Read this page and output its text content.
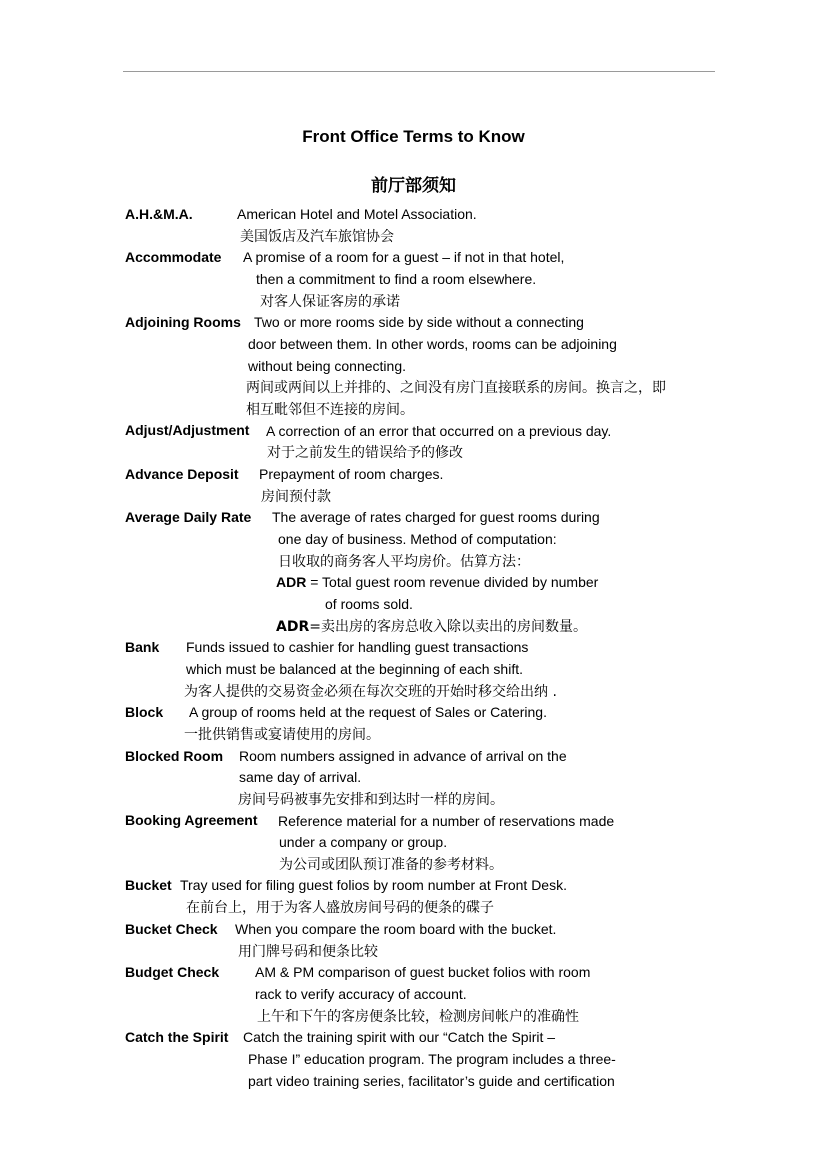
Front Office Terms to Know
前厅部须知
A.H.&M.A.	American Hotel and Motel Association.
美国饭店及汽车旅馆协会
Accommodate A promise of a room for a guest – if not in that hotel,
then a commitment to find a room elsewhere.
对客人保证客房的承诺
Adjoining Rooms Two or more rooms side by side without a connecting
door between them. In other words, rooms can be adjoining
without being connecting.
两间或两间以上并排的、之间没有房门直接联系的房间。换言之，即
相互毗邻但不连接的房间。
Adjust/Adjustment A correction of an error that occurred on a previous day.
对于之前发生的错误给予的修改
Advance Deposit Prepayment of room charges.
房间预付款
Average Daily Rate The average of rates charged for guest rooms during
one day of business. Method of computation:
日收取的商务客人平均房价。估算方法：
ADR = Total guest room revenue divided by number
of rooms sold.
ADR=卖出房的客房总收入除以卖出的房间数量。
Bank Funds issued to cashier for handling guest transactions
which must be balanced at the beginning of each shift.
为客人提供的交易资金必须在每次交班的开始时移交给出纳 .
Block A group of rooms held at the request of Sales or Catering.
一批供销售或宴请使用的房间。
Blocked Room Room numbers assigned in advance of arrival on the
same day of arrival.
房间号码被事先安排和到达时一样的房间。
Booking Agreement Reference material for a number of reservations made
under a company or group.
为公司或团队预订准备的参考材料。
Bucket Tray used for filing guest folios by room number at Front Desk.
在前台上，用于为客人盛放房间号码的便条的碟子
Bucket Check When you compare the room board with the bucket.
用门牌号码和便条比较
Budget Check	AM & PM comparison of guest bucket folios with room
rack to verify accuracy of account.
上午和下午的客房便条比较，检测房间帐户的准确性
Catch the Spirit Catch the training spirit with our “Catch the Spirit –
Phase I” education program. The program includes a three-
part video training series, facilitator’s guide and certification
